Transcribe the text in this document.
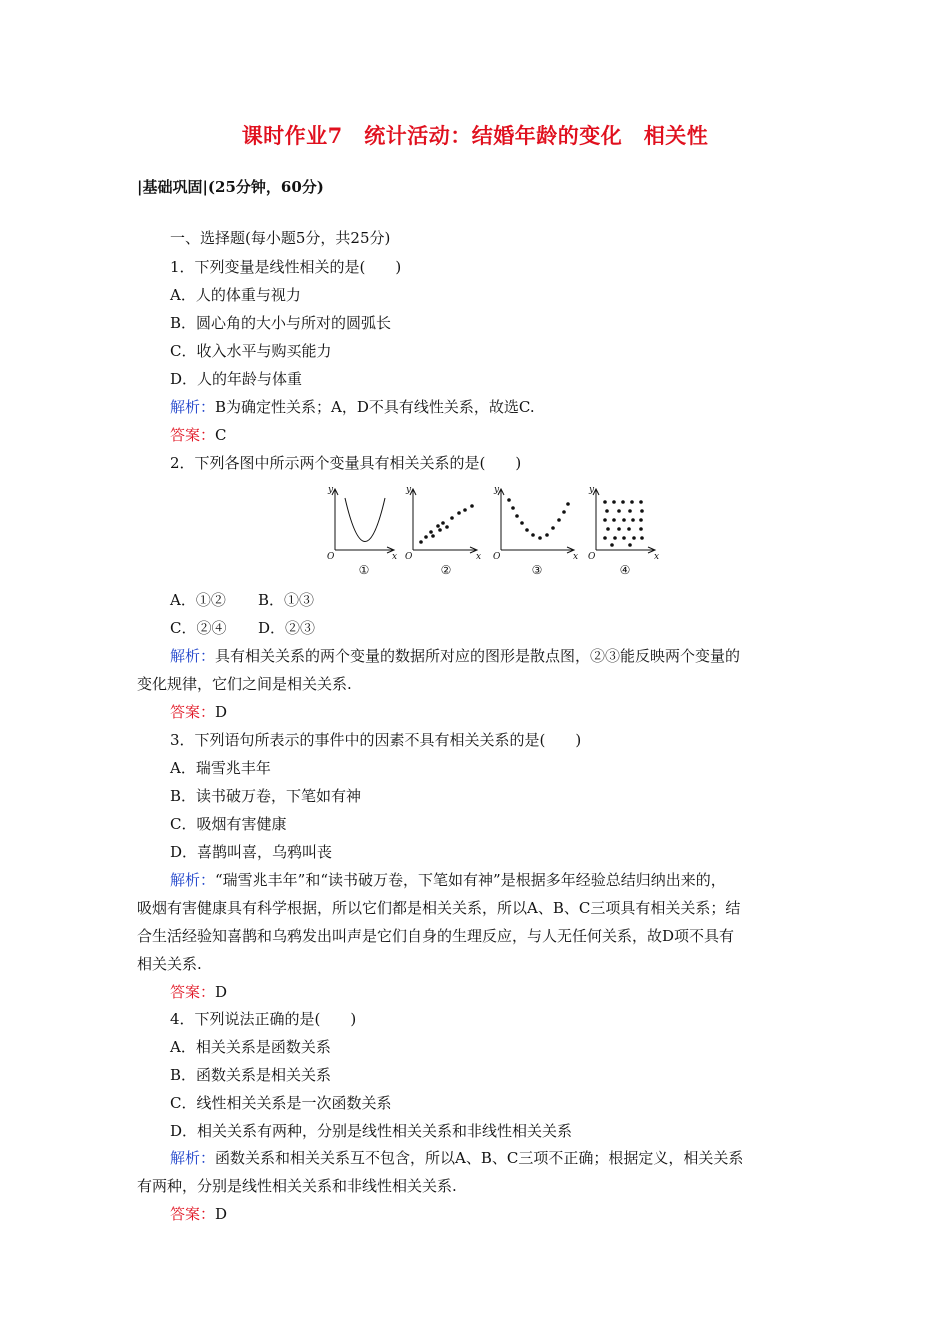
课时作业7　统计活动：结婚年龄的变化　相关性
|基础巩固|(25分钟，60分)
一、选择题(每小题5分，共25分)
1．下列变量是线性相关的是(　　)
A．人的体重与视力
B．圆心角的大小与所对的圆弧长
C．收入水平与购买能力
D．人的年龄与体重
解析：B为确定性关系；A，D不具有线性关系，故选C.
答案：C
2．下列各图中所示两个变量具有相关关系的是(　　)
y
x
O
y
x
O
y
x
O
y
x
O
①	②	③	④
A．①② B．①③
C．②④ D．②③
解析：具有相关关系的两个变量的数据所对应的图形是散点图，②③能反映两个变量的
变化规律，它们之间是相关关系.
答案：D
3．下列语句所表示的事件中的因素不具有相关关系的是(　　)
A．瑞雪兆丰年
B．读书破万卷，下笔如有神
C．吸烟有害健康
D．喜鹊叫喜，乌鸦叫丧
解析：“瑞雪兆丰年”和“读书破万卷，下笔如有神”是根据多年经验总结归纳出来的，
吸烟有害健康具有科学根据，所以它们都是相关关系，所以A、B、C三项具有相关关系；结
合生活经验知喜鹊和乌鸦发出叫声是它们自身的生理反应，与人无任何关系，故D项不具有
相关关系.
答案：D
4．下列说法正确的是(　　)
A．相关关系是函数关系
B．函数关系是相关关系
C．线性相关关系是一次函数关系
D．相关关系有两种，分别是线性相关关系和非线性相关关系
解析：函数关系和相关关系互不包含，所以A、B、C三项不正确；根据定义，相关关系
有两种，分别是线性相关关系和非线性相关关系.
答案：D
